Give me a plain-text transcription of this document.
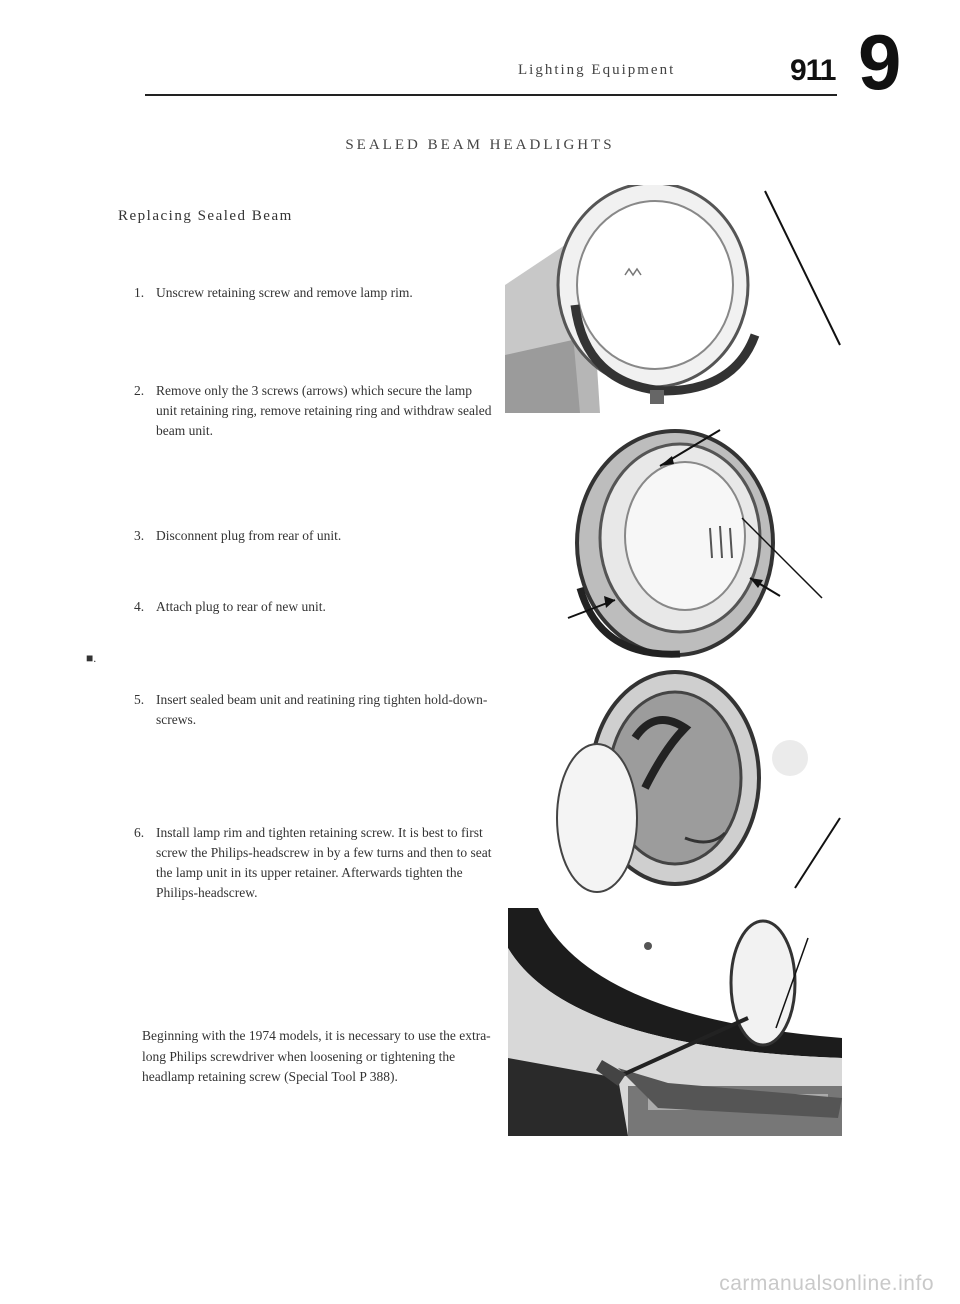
Lighting Equipment	911 9
SEALED BEAM HEADLIGHTS
Replacing Sealed Beam
1. Unscrew retaining screw and remove lamp rim.
2. Remove only the 3 screws (arrows) which secure the lamp unit retaining ring, remove retaining ring and withdraw sealed beam unit.
3. Disconnent plug from rear of unit.
4. Attach plug to rear of new unit.
■.
5. Insert sealed beam unit and reatining ring tighten hold-down-screws.
6. Install lamp rim and tighten retaining screw. It is best to first screw the Philips-headscrew in by a few turns and then to seat the lamp unit in its upper retainer. Afterwards tighten the Philips-headscrew.
Beginning with the 1974 models, it is necessary to use the extra-long Philips screwdriver when loosening or tightening the headlamp retaining screw (Special Tool P 388).
carmanualsonline.info
